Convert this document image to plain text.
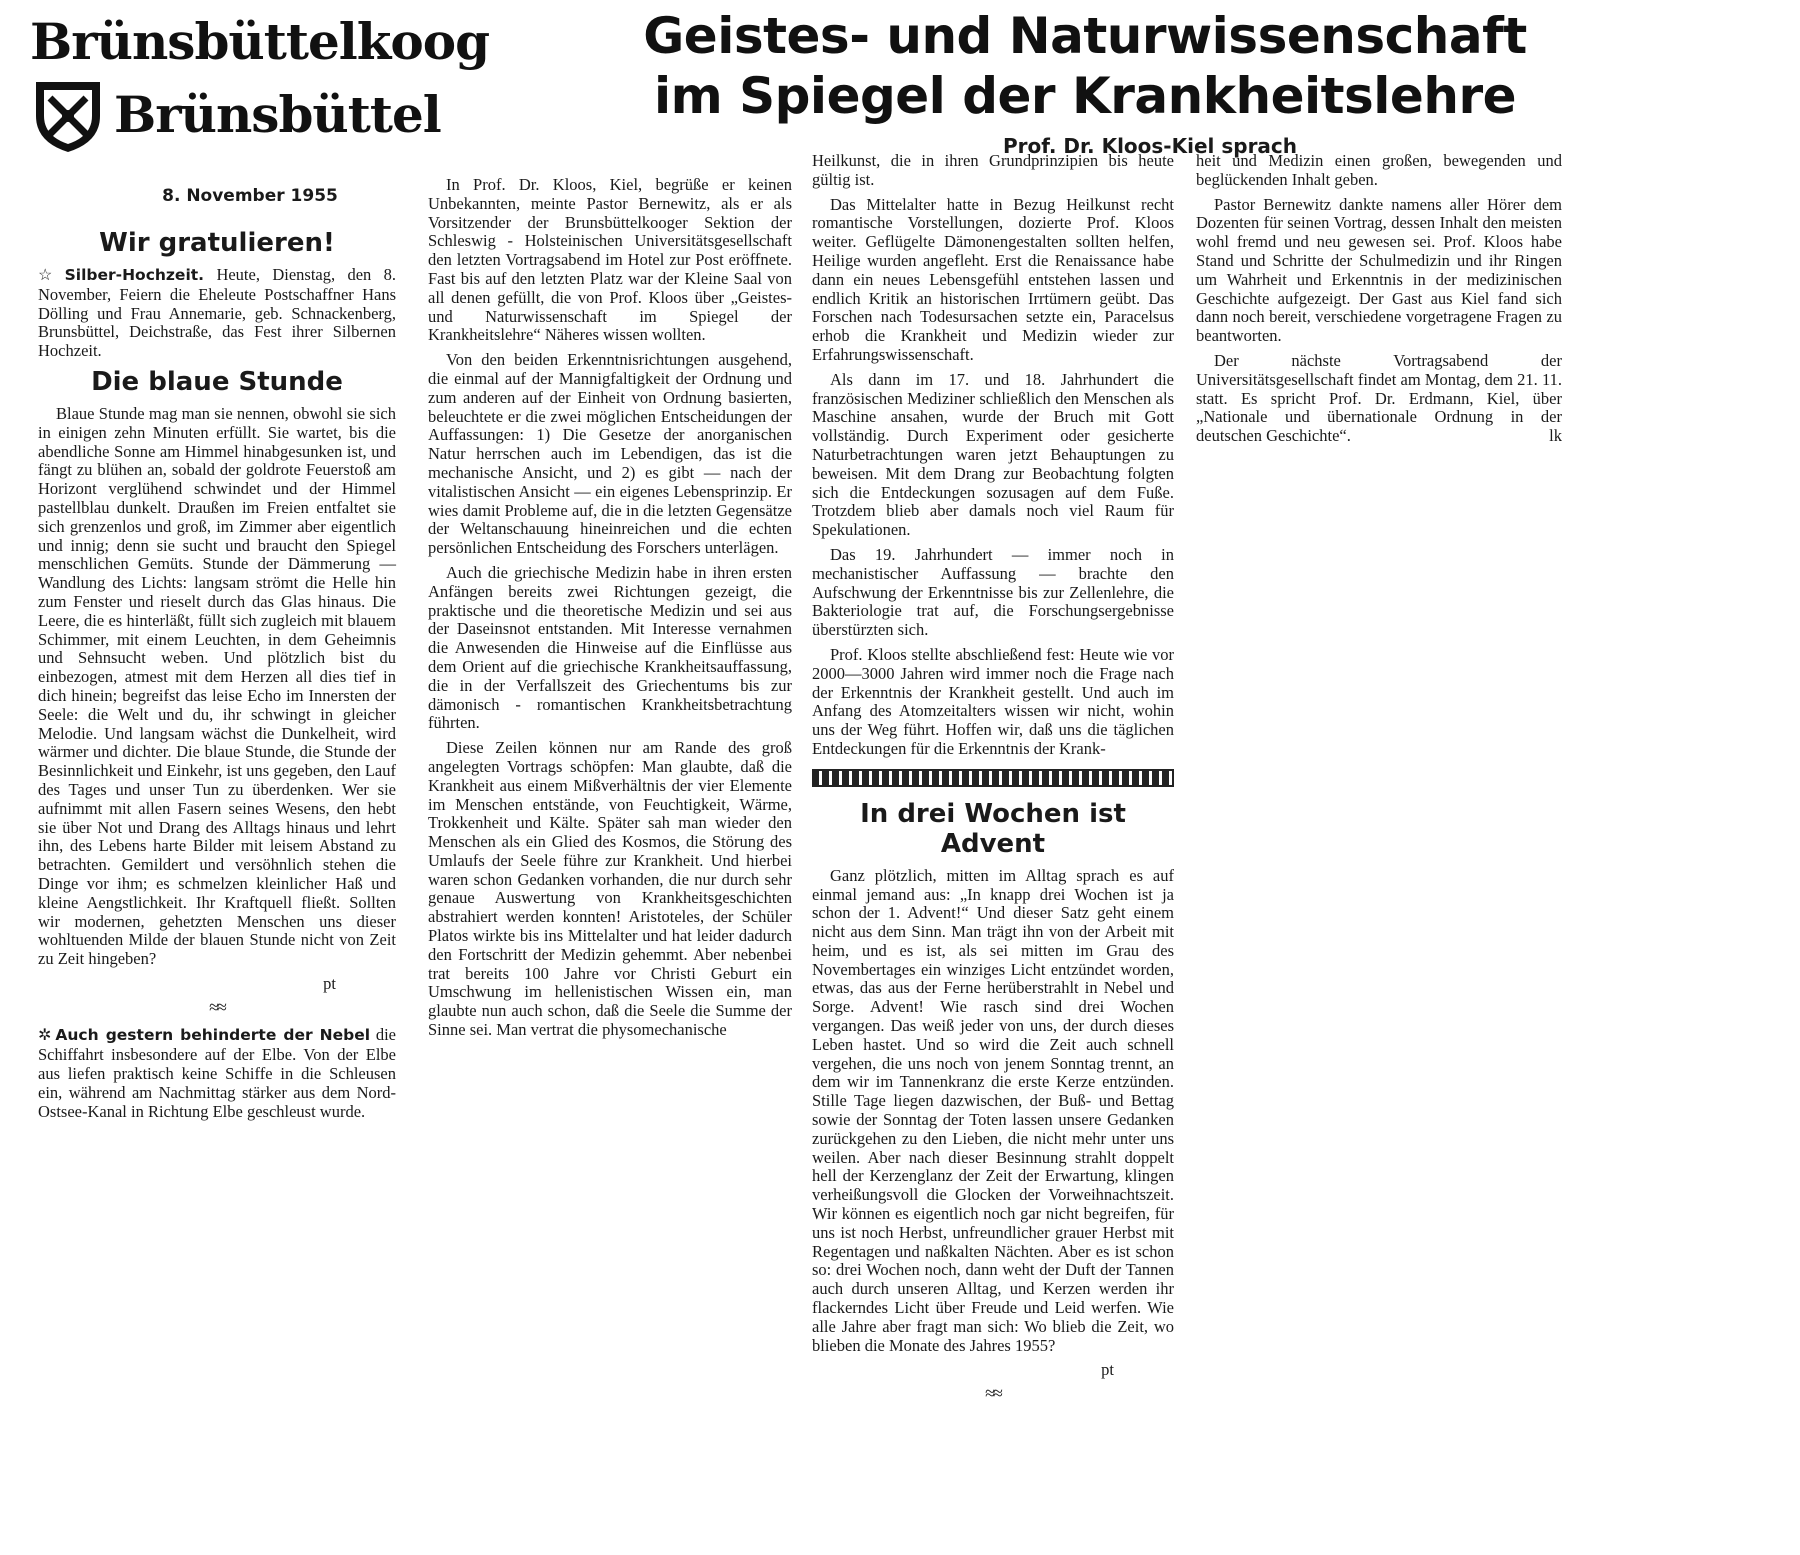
Brünsbüttelkoog
Brünsbüttel
8. November 1955
Geistes- und Naturwissenschaft
im Spiegel der Krankheitslehre
Prof. Dr. Kloos-Kiel sprach
Wir gratulieren!

☆ Silber-Hochzeit. Heute, Dienstag, den 8. November, Feiern die Eheleute Postschaffner Hans Dölling und Frau Annemarie, geb. Schnackenberg, Brunsbüttel, Deichstraße, das Fest ihrer Silbernen Hochzeit.

Die blaue Stunde

Blaue Stunde mag man sie nennen, obwohl sie sich in einigen zehn Minuten erfüllt. Sie wartet, bis die abendliche Sonne am Himmel hinabgesunken ist, und fängt zu blühen an, sobald der goldrote Feuerstoß am Horizont verglühend schwindet und der Himmel pastellblau dunkelt. Draußen im Freien entfaltet sie sich grenzenlos und groß, im Zimmer aber eigentlich und innig; denn sie sucht und braucht den Spiegel menschlichen Gemüts. Stunde der Dämmerung — Wandlung des Lichts: langsam strömt die Helle hin zum Fenster und rieselt durch das Glas hinaus. Die Leere, die es hinterläßt, füllt sich zugleich mit blauem Schimmer, mit einem Leuchten, in dem Geheimnis und Sehnsucht weben. Und plötzlich bist du einbezogen, atmest mit dem Herzen all dies tief in dich hinein; begreifst das leise Echo im Innersten der Seele: die Welt und du, ihr schwingt in gleicher Melodie. Und langsam wächst die Dunkelheit, wird wärmer und dichter. Die blaue Stunde, die Stunde der Besinnlichkeit und Einkehr, ist uns gegeben, den Lauf des Tages und unser Tun zu überdenken. Wer sie aufnimmt mit allen Fasern seines Wesens, den hebt sie über Not und Drang des Alltags hinaus und lehrt ihn, des Lebens harte Bilder mit leisem Abstand zu betrachten. Gemildert und versöhnlich stehen die Dinge vor ihm; es schmelzen kleinlicher Haß und kleine Aengstlichkeit. Ihr Kraftquell fließt. Sollten wir modernen, gehetzten Menschen uns dieser wohltuenden Milde der blauen Stunde nicht von Zeit zu Zeit hingeben?

pt
≈≈

✲ Auch gestern behinderte der Nebel die Schiffahrt insbesondere auf der Elbe. Von der Elbe aus liefen praktisch keine Schiffe in die Schleusen ein, während am Nachmittag stärker aus dem Nord-Ostsee-Kanal in Richtung Elbe geschleust wurde.

In Prof. Dr. Kloos, Kiel, begrüße er keinen Unbekannten, meinte Pastor Bernewitz, als er als Vorsitzender der Brunsbüttelkooger Sektion der Schleswig - Holsteinischen Universitätsgesellschaft den letzten Vortragsabend im Hotel zur Post eröffnete. Fast bis auf den letzten Platz war der Kleine Saal von all denen gefüllt, die von Prof. Kloos über „Geistes- und Naturwissenschaft im Spiegel der Krankheitslehre“ Näheres wissen wollten.

Von den beiden Erkenntnisrichtungen ausgehend, die einmal auf der Mannigfaltigkeit der Ordnung und zum anderen auf der Einheit von Ordnung basierten, beleuchtete er die zwei möglichen Entscheidungen der Auffassungen: 1) Die Gesetze der anorganischen Natur herrschen auch im Lebendigen, das ist die mechanische Ansicht, und 2) es gibt — nach der vitalistischen Ansicht — ein eigenes Lebensprinzip. Er wies damit Probleme auf, die in die letzten Gegensätze der Weltanschauung hineinreichen und die echten persönlichen Entscheidung des Forschers unterlägen.

Auch die griechische Medizin habe in ihren ersten Anfängen bereits zwei Richtungen gezeigt, die praktische und die theoretische Medizin und sei aus der Daseinsnot entstanden. Mit Interesse vernahmen die Anwesenden die Hinweise auf die Einflüsse aus dem Orient auf die griechische Krankheitsauffassung, die in der Verfallszeit des Griechentums bis zur dämonisch - romantischen Krankheitsbetrachtung führten.

Diese Zeilen können nur am Rande des groß angelegten Vortrags schöpfen: Man glaubte, daß die Krankheit aus einem Mißverhältnis der vier Elemente im Menschen entstände, von Feuchtigkeit, Wärme, Trokkenheit und Kälte. Später sah man wieder den Menschen als ein Glied des Kosmos, die Störung des Umlaufs der Seele führe zur Krankheit. Und hierbei waren schon Gedanken vorhanden, die nur durch sehr genaue Auswertung von Krankheitsgeschichten abstrahiert werden konnten! Aristoteles, der Schüler Platos wirkte bis ins Mittelalter und hat leider dadurch den Fortschritt der Medizin gehemmt. Aber nebenbei trat bereits 100 Jahre vor Christi Geburt ein Umschwung im hellenistischen Wissen ein, man glaubte nun auch schon, daß die Seele die Summe der Sinne sei. Man vertrat die physomechanische

Heilkunst, die in ihren Grundprinzipien bis heute gültig ist.

Das Mittelalter hatte in Bezug Heilkunst recht romantische Vorstellungen, dozierte Prof. Kloos weiter. Geflügelte Dämonengestalten sollten helfen, Heilige wurden angefleht. Erst die Renaissance habe dann ein neues Lebensgefühl entstehen lassen und endlich Kritik an historischen Irrtümern geübt. Das Forschen nach Todesursachen setzte ein, Paracelsus erhob die Krankheit und Medizin wieder zur Erfahrungswissenschaft.

Als dann im 17. und 18. Jahrhundert die französischen Mediziner schließlich den Menschen als Maschine ansahen, wurde der Bruch mit Gott vollständig. Durch Experiment oder gesicherte Naturbetrachtungen waren jetzt Behauptungen zu beweisen. Mit dem Drang zur Beobachtung folgten sich die Entdeckungen sozusagen auf dem Fuße. Trotzdem blieb aber damals noch viel Raum für Spekulationen.

Das 19. Jahrhundert — immer noch in mechanistischer Auffassung — brachte den Aufschwung der Erkenntnisse bis zur Zellenlehre, die Bakteriologie trat auf, die Forschungsergebnisse überstürzten sich.

Prof. Kloos stellte abschließend fest: Heute wie vor 2000—3000 Jahren wird immer noch die Frage nach der Erkenntnis der Krankheit gestellt. Und auch im Anfang des Atomzeitalters wissen wir nicht, wohin uns der Weg führt. Hoffen wir, daß uns die täglichen Entdeckungen für die Erkenntnis der Krank-

In drei Wochen ist Advent

Ganz plötzlich, mitten im Alltag sprach es auf einmal jemand aus: „In knapp drei Wochen ist ja schon der 1. Advent!“ Und dieser Satz geht einem nicht aus dem Sinn. Man trägt ihn von der Arbeit mit heim, und es ist, als sei mitten im Grau des Novembertages ein winziges Licht entzündet worden, etwas, das aus der Ferne herüberstrahlt in Nebel und Sorge. Advent! Wie rasch sind drei Wochen vergangen. Das weiß jeder von uns, der durch dieses Leben hastet. Und so wird die Zeit auch schnell vergehen, die uns noch von jenem Sonntag trennt, an dem wir im Tannenkranz die erste Kerze entzünden. Stille Tage liegen dazwischen, der Buß- und Bettag sowie der Sonntag der Toten lassen unsere Gedanken zurückgehen zu den Lieben, die nicht mehr unter uns weilen. Aber nach dieser Besinnung strahlt doppelt hell der Kerzenglanz der Zeit der Erwartung, klingen verheißungsvoll die Glocken der Vorweihnachtszeit. Wir können es eigentlich noch gar nicht begreifen, für uns ist noch Herbst, unfreundlicher grauer Herbst mit Regentagen und naßkalten Nächten. Aber es ist schon so: drei Wochen noch, dann weht der Duft der Tannen auch durch unseren Alltag, und Kerzen werden ihr flackerndes Licht über Freude und Leid werfen. Wie alle Jahre aber fragt man sich: Wo blieb die Zeit, wo blieben die Monate des Jahres 1955?

pt
≈≈

heit und Medizin einen großen, bewegenden und beglückenden Inhalt geben.

Pastor Bernewitz dankte namens aller Hörer dem Dozenten für seinen Vortrag, dessen Inhalt den meisten wohl fremd und neu gewesen sei. Prof. Kloos habe Stand und Schritte der Schulmedizin und ihr Ringen um Wahrheit und Erkenntnis in der medizinischen Geschichte aufgezeigt. Der Gast aus Kiel fand sich dann noch bereit, verschiedene vorgetragene Fragen zu beantworten.

Der nächste Vortragsabend der Universitätsgesellschaft findet am Montag, dem 21. 11. statt. Es spricht Prof. Dr. Erdmann, Kiel, über „Nationale und übernationale Ordnung in der deutschen Geschichte“.	lk
